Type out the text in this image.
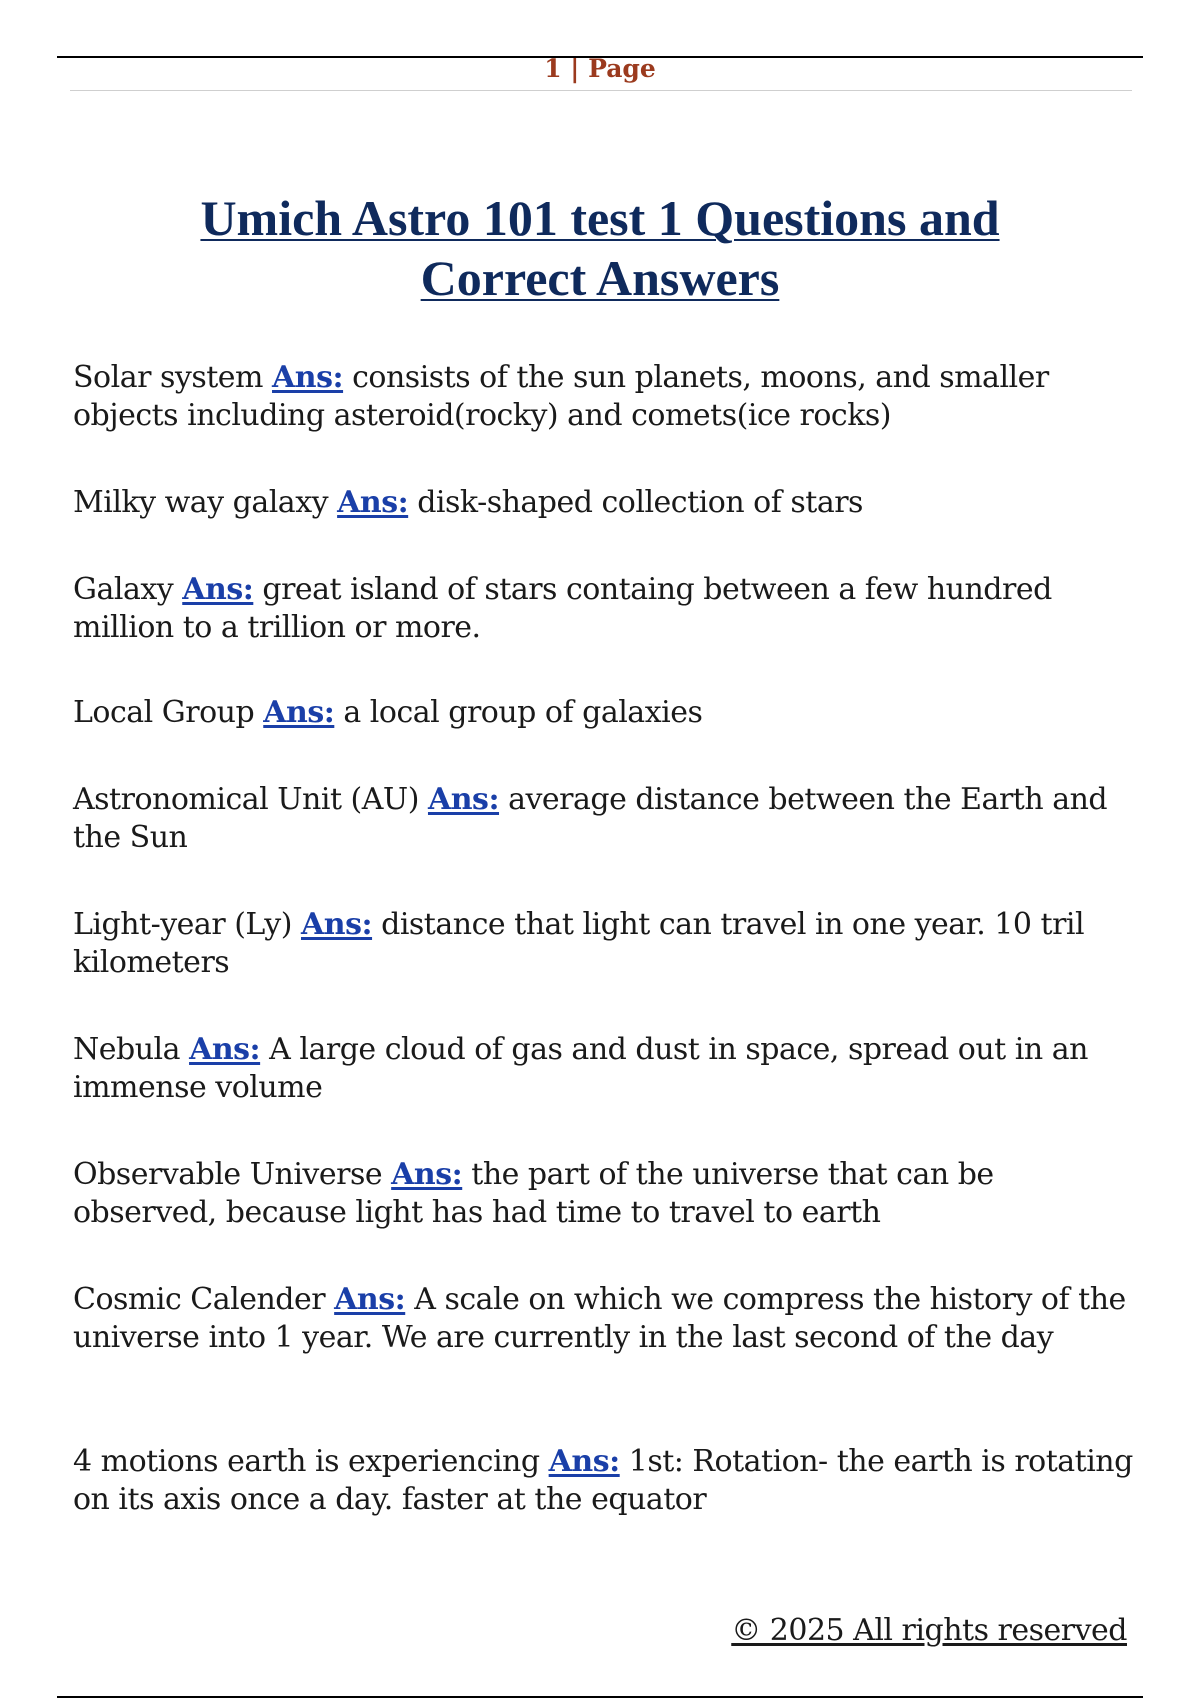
1 | Page
Umich Astro 101 test 1 Questions and
Correct Answers

Solar system Ans: consists of the sun planets, moons, and smaller objects including asteroid(rocky) and comets(ice rocks)

Milky way galaxy Ans: disk-shaped collection of stars

Galaxy Ans: great island of stars containg between a few hundred million to a trillion or more.

Local Group Ans: a local group of galaxies

Astronomical Unit (AU) Ans: average distance between the Earth and the Sun

Light-year (Ly) Ans: distance that light can travel in one year. 10 tril kilometers

Nebula Ans: A large cloud of gas and dust in space, spread out in an immense volume

Observable Universe Ans: the part of the universe that can be observed, because light has had time to travel to earth

Cosmic Calender Ans: A scale on which we compress the history of the universe into 1 year. We are currently in the last second of the day

4 motions earth is experiencing Ans: 1st: Rotation- the earth is rotating on its axis once a day. faster at the equator

© 2025 All rights reserved
